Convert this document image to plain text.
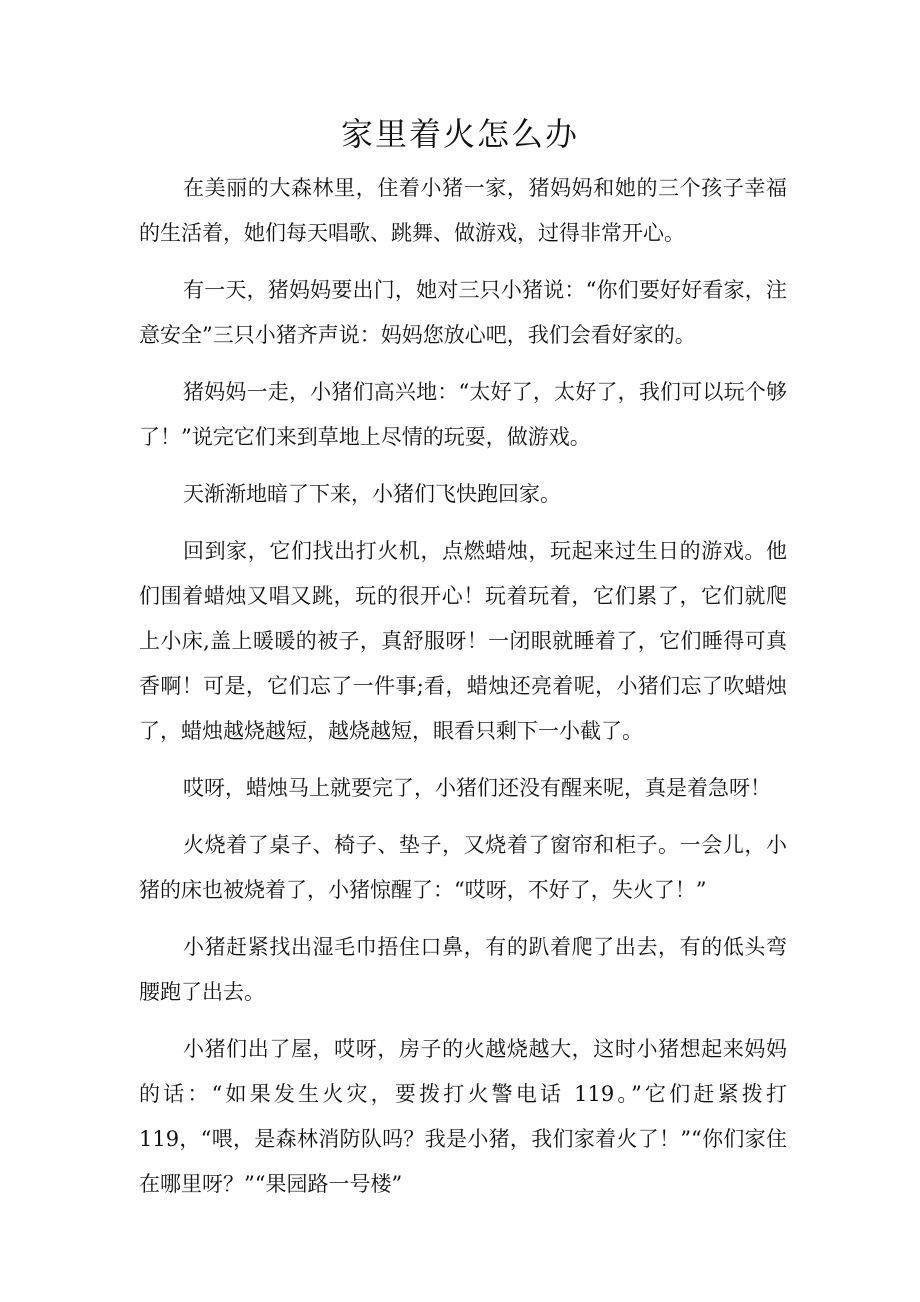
家里着火怎么办

在美丽的大森林里，住着小猪一家，猪妈妈和她的三个孩子幸福的生活着，她们每天唱歌、跳舞、做游戏，过得非常开心。

有一天，猪妈妈要出门，她对三只小猪说：“你们要好好看家，注意安全”三只小猪齐声说：妈妈您放心吧，我们会看好家的。

猪妈妈一走，小猪们高兴地：“太好了，太好了，我们可以玩个够了！”说完它们来到草地上尽情的玩耍，做游戏。

天渐渐地暗了下来，小猪们飞快跑回家。

回到家，它们找出打火机，点燃蜡烛，玩起来过生日的游戏。他们围着蜡烛又唱又跳，玩的很开心！玩着玩着，它们累了，它们就爬上小床,盖上暖暖的被子，真舒服呀！一闭眼就睡着了，它们睡得可真香啊！可是，它们忘了一件事;看，蜡烛还亮着呢，小猪们忘了吹蜡烛了，蜡烛越烧越短，越烧越短，眼看只剩下一小截了。

哎呀，蜡烛马上就要完了，小猪们还没有醒来呢，真是着急呀！

火烧着了桌子、椅子、垫子，又烧着了窗帘和柜子。一会儿，小猪的床也被烧着了，小猪惊醒了：“哎呀，不好了，失火了！”

小猪赶紧找出湿毛巾捂住口鼻，有的趴着爬了出去，有的低头弯腰跑了出去。

小猪们出了屋，哎呀，房子的火越烧越大，这时小猪想起来妈妈的话：“如果发生火灾，要拨打火警电话 119。”它们赶紧拨打 119，“喂，是森林消防队吗？我是小猪，我们家着火了！”“你们家住在哪里呀？”“果园路一号楼”
